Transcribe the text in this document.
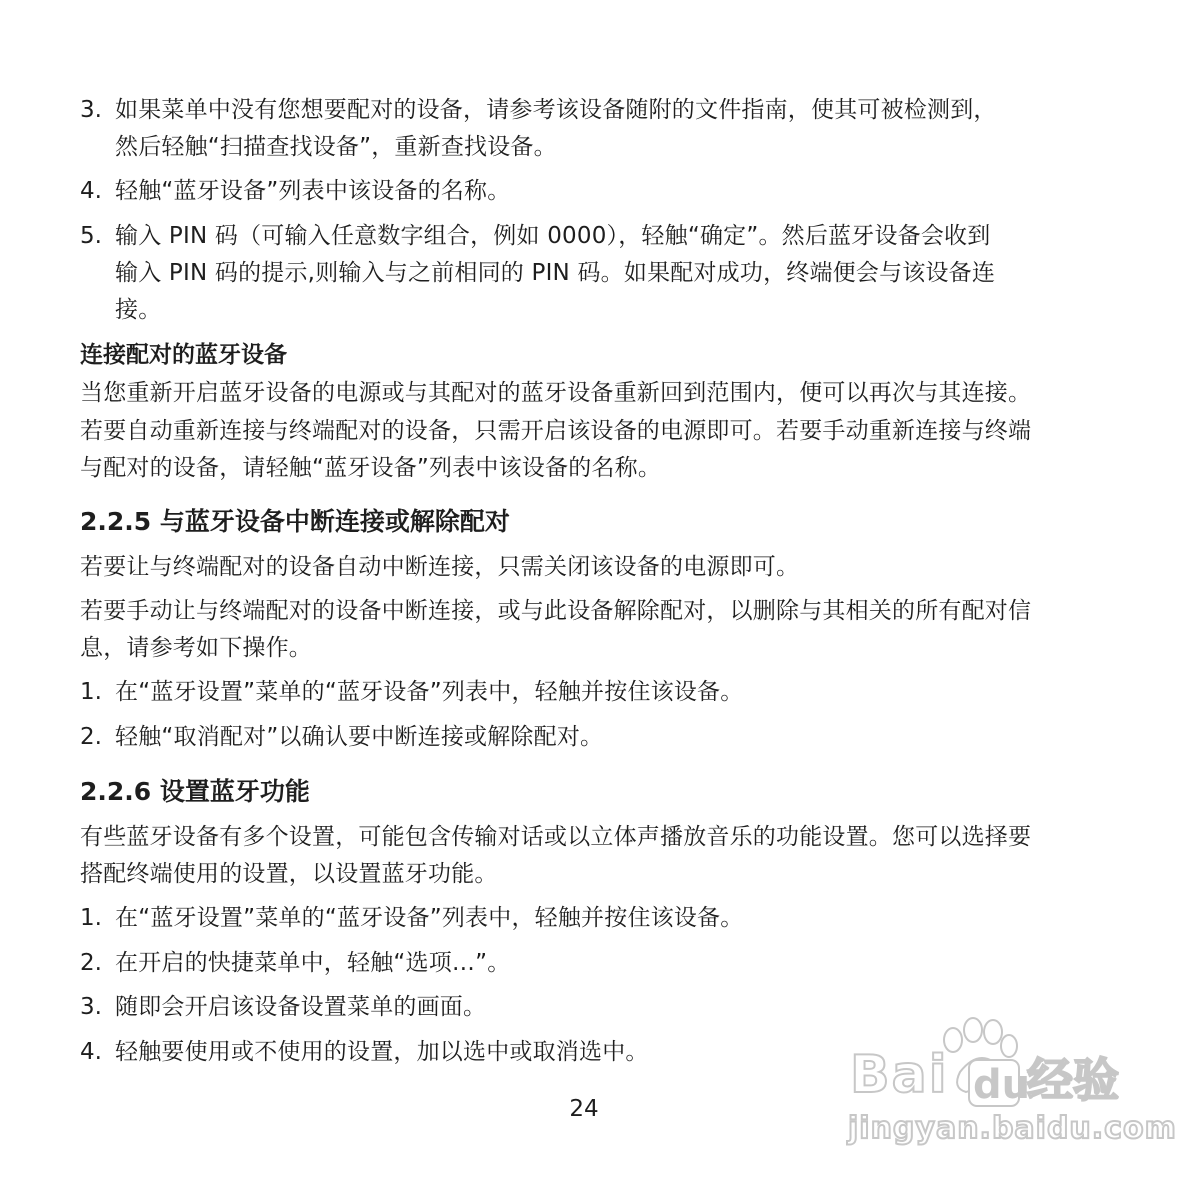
3. 如果菜单中没有您想要配对的设备，请参考该设备随附的文件指南，使其可被检测到，
然后轻触“扫描查找设备”，重新查找设备。
4. 轻触“蓝牙设备”列表中该设备的名称。
5. 输入 PIN 码（可输入任意数字组合，例如 0000），轻触“确定”。然后蓝牙设备会收到
输入 PIN 码的提示,则输入与之前相同的 PIN 码。如果配对成功，终端便会与该设备连
接。
连接配对的蓝牙设备
当您重新开启蓝牙设备的电源或与其配对的蓝牙设备重新回到范围内，便可以再次与其连接。
若要自动重新连接与终端配对的设备，只需开启该设备的电源即可。若要手动重新连接与终端
与配对的设备，请轻触“蓝牙设备”列表中该设备的名称。
2.2.5 与蓝牙设备中断连接或解除配对
若要让与终端配对的设备自动中断连接，只需关闭该设备的电源即可。
若要手动让与终端配对的设备中断连接，或与此设备解除配对，以删除与其相关的所有配对信
息，请参考如下操作。
1. 在“蓝牙设置”菜单的“蓝牙设备”列表中，轻触并按住该设备。
2. 轻触“取消配对”以确认要中断连接或解除配对。
2.2.6 设置蓝牙功能
有些蓝牙设备有多个设置，可能包含传输对话或以立体声播放音乐的功能设置。您可以选择要
搭配终端使用的设置，以设置蓝牙功能。
1. 在“蓝牙设置”菜单的“蓝牙设备”列表中，轻触并按住该设备。
2. 在开启的快捷菜单中，轻触“选项…”。
3. 随即会开启该设备设置菜单的画面。
4. 轻触要使用或不使用的设置，加以选中或取消选中。
24
Bai du
经验
jingyan.baidu.com
